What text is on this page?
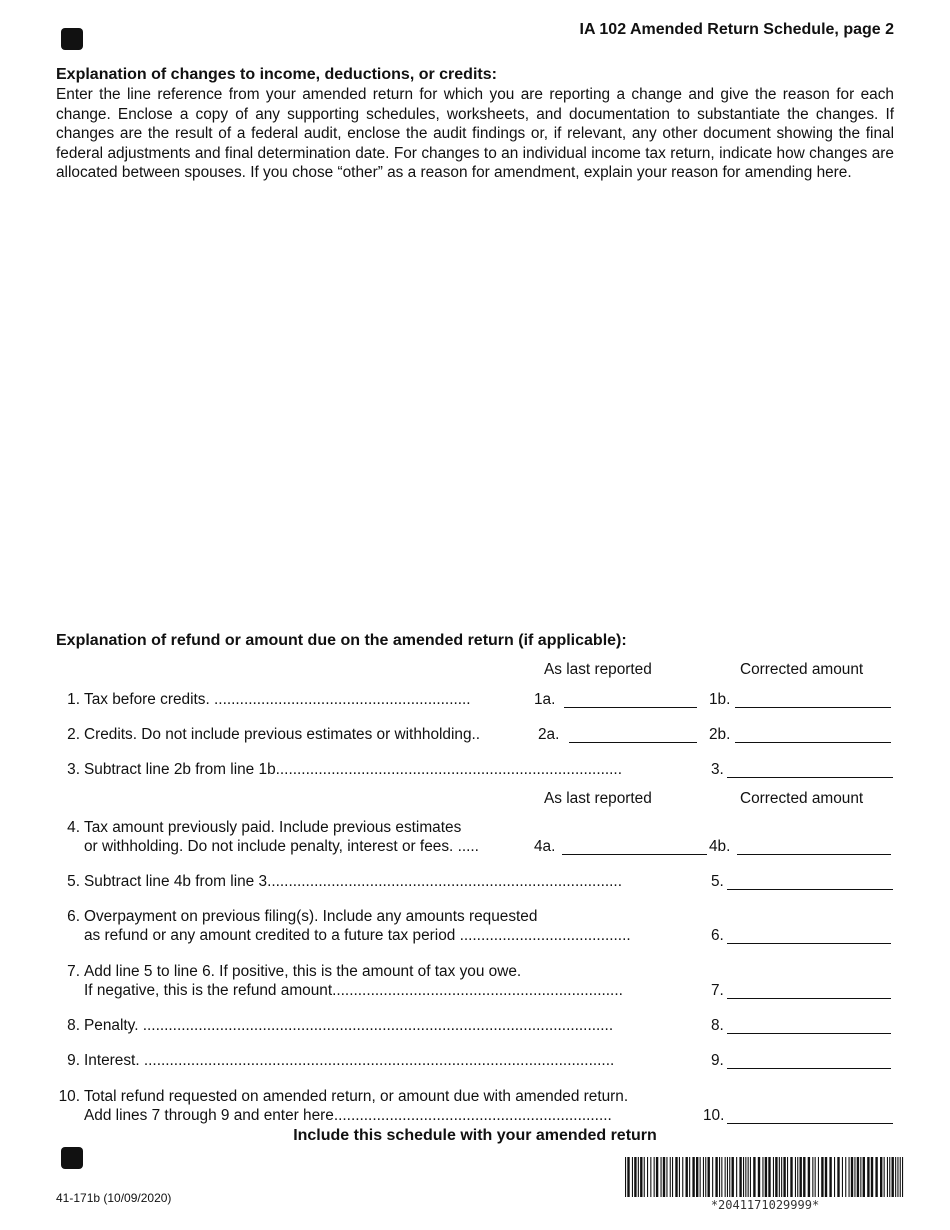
IA 102 Amended Return Schedule, page 2
Explanation of changes to income, deductions, or credits:
Enter the line reference from your amended return for which you are reporting a change and give the reason for each change. Enclose a copy of any supporting schedules, worksheets, and documentation to substantiate the changes. If changes are the result of a federal audit, enclose the audit findings or, if relevant, any other document showing the final federal adjustments and final determination date. For changes to an individual income tax return, indicate how changes are allocated between spouses. If you chose “other” as a reason for amendment, explain your reason for amending here.
Explanation of refund or amount due on the amended return (if applicable):
As last reported	Corrected amount
1. Tax before credits. ............................................................	1a.	1b.
2. Credits. Do not include previous estimates or withholding..	2a.	2b.
3. Subtract line 2b from line 1b.................................................................................	3.
As last reported	Corrected amount
4. Tax amount previously paid. Include previous estimates
or withholding. Do not include penalty, interest or fees. .....	4a.	4b.
5. Subtract line 4b from line 3...................................................................................	5.
6. Overpayment on previous filing(s). Include any amounts requested
as refund or any amount credited to a future tax period ........................................	6.
7. Add line 5 to line 6. If positive, this is the amount of tax you owe.
If negative, this is the refund amount....................................................................	7.
8. Penalty. ..............................................................................................................	8.
9. Interest. ..............................................................................................................	9.
10. Total refund requested on amended return, or amount due with amended return.
Add lines 7 through 9 and enter here.................................................................	10.
Include this schedule with your amended return
41-171b (10/09/2020)	*2041171029999*
